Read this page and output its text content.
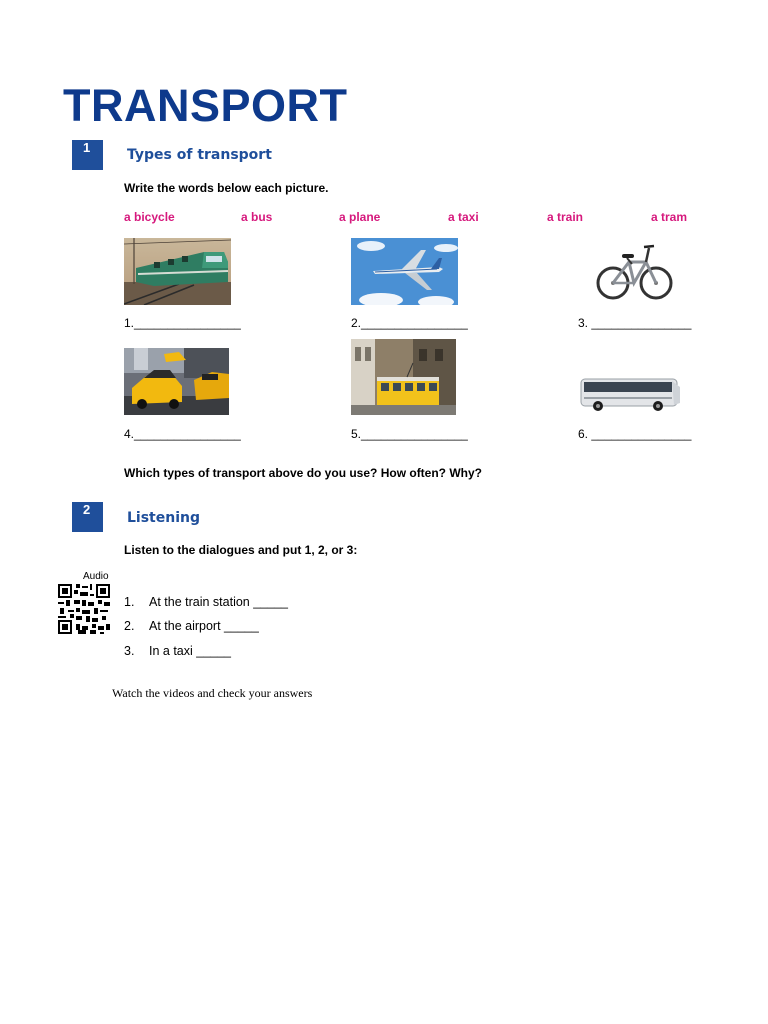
TRANSPORT
1	Types of transport
Write the words below each picture.
a bicycle	a bus	a plane	a taxi	a train	a tram
1.________________	2.________________	3. _______________
4.________________	5.________________	6. _______________
Which types of transport above do you use? How often? Why?
2
Listening
Listen to the dialogues and put 1, 2, or 3:
Audio
1. At the train station _____
2. At the airport _____
3. In a taxi _____
Watch the videos and check your answers
